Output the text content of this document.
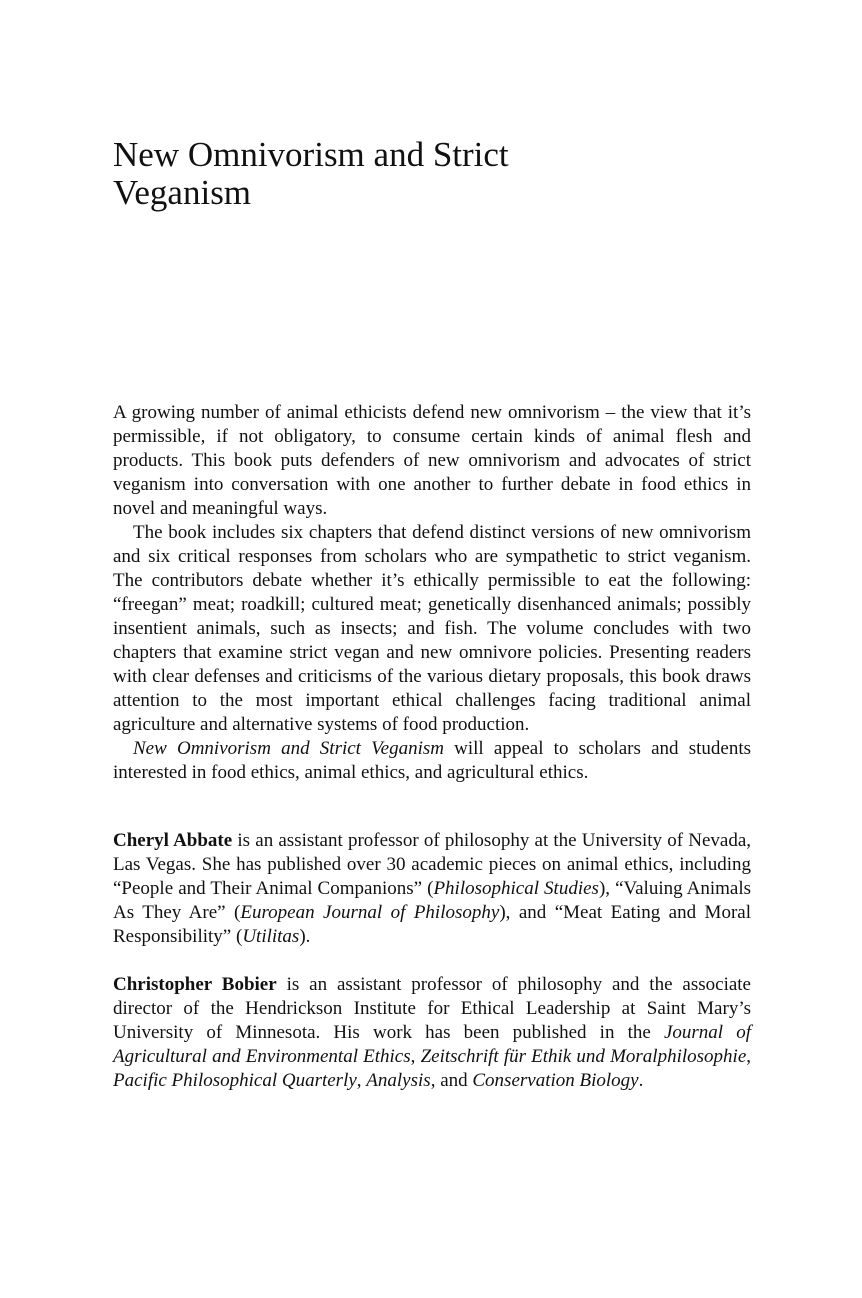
New Omnivorism and Strict
Veganism

A growing number of animal ethicists defend new omnivorism – the view that it’s permissible, if not obligatory, to consume certain kinds of animal flesh and products. This book puts defenders of new omnivorism and advocates of strict veganism into conversation with one another to further debate in food ethics in novel and meaningful ways.

The book includes six chapters that defend distinct versions of new omnivorism and six critical responses from scholars who are sympathetic to strict veganism. The contributors debate whether it’s ethically permissible to eat the following: “freegan” meat; roadkill; cultured meat; genetically disenhanced animals; possibly insentient animals, such as insects; and fish. The volume concludes with two chapters that examine strict vegan and new omnivore policies. Presenting readers with clear defenses and criticisms of the various dietary proposals, this book draws attention to the most important ethical challenges facing traditional animal agriculture and alternative systems of food production.

New Omnivorism and Strict Veganism will appeal to scholars and students interested in food ethics, animal ethics, and agricultural ethics.

Cheryl Abbate is an assistant professor of philosophy at the University of Nevada, Las Vegas. She has published over 30 academic pieces on animal ethics, including “People and Their Animal Companions” (Philosophical Studies), “Valuing Animals As They Are” (European Journal of Philosophy), and “Meat Eating and Moral Responsibility” (Utilitas).

Christopher Bobier is an assistant professor of philosophy and the associate director of the Hendrickson Institute for Ethical Leadership at Saint Mary’s University of Minnesota. His work has been published in the Journal of Agricultural and Environmental Ethics, Zeitschrift für Ethik und Moralphilosophie, Pacific Philosophical Quarterly, Analysis, and Conservation Biology.
